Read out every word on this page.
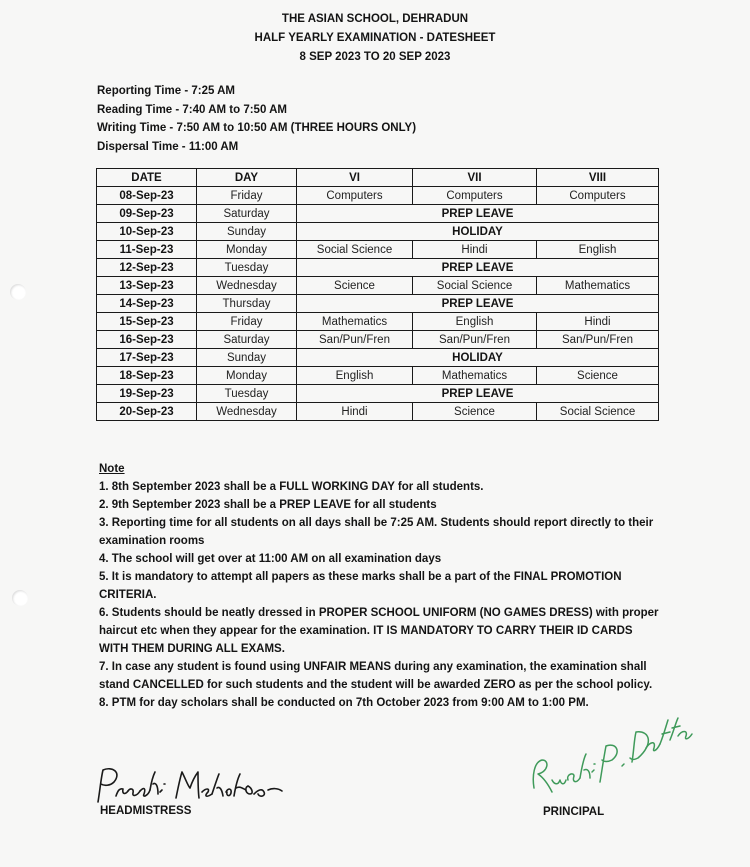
THE ASIAN SCHOOL, DEHRADUN
HALF YEARLY EXAMINATION - DATESHEET
8 SEP 2023 TO 20 SEP 2023
Reporting Time - 7:25 AM
Reading Time - 7:40 AM to 7:50 AM
Writing Time - 7:50 AM to 10:50 AM (THREE HOURS ONLY)
Dispersal Time - 11:00 AM
DATE	DAY	VI	VII	VIII
08-Sep-23	Friday	Computers	Computers	Computers
09-Sep-23	Saturday	PREP LEAVE		
10-Sep-23	Sunday	HOLIDAY		
11-Sep-23	Monday	Social Science	Hindi	English
12-Sep-23	Tuesday	PREP LEAVE		
13-Sep-23	Wednesday	Science	Social Science	Mathematics
14-Sep-23	Thursday	PREP LEAVE		
15-Sep-23	Friday	Mathematics	English	Hindi
16-Sep-23	Saturday	San/Pun/Fren	San/Pun/Fren	San/Pun/Fren
17-Sep-23	Sunday	HOLIDAY		
18-Sep-23	Monday	English	Mathematics	Science
19-Sep-23	Tuesday	PREP LEAVE		
20-Sep-23	Wednesday	Hindi	Science	Social Science
Note
1. 8th September 2023 shall be a FULL WORKING DAY for all students.
2. 9th September 2023 shall be a PREP LEAVE for all students
3. Reporting time for all students on all days shall be 7:25 AM. Students should report directly to their examination rooms
4. The school will get over at 11:00 AM on all examination days
5. It is mandatory to attempt all papers as these marks shall be a part of the FINAL PROMOTION CRITERIA.
6. Students should be neatly dressed in PROPER SCHOOL UNIFORM (NO GAMES DRESS) with proper haircut etc when they appear for the examination. IT IS MANDATORY TO CARRY THEIR ID CARDS WITH THEM DURING ALL EXAMS.
7. In case any student is found using UNFAIR MEANS during any examination, the examination shall stand CANCELLED for such students and the student will be awarded ZERO as per the school policy.
8. PTM for day scholars shall be conducted on 7th October 2023 from 9:00 AM to 1:00 PM.
HEADMISTRESS	PRINCIPAL
